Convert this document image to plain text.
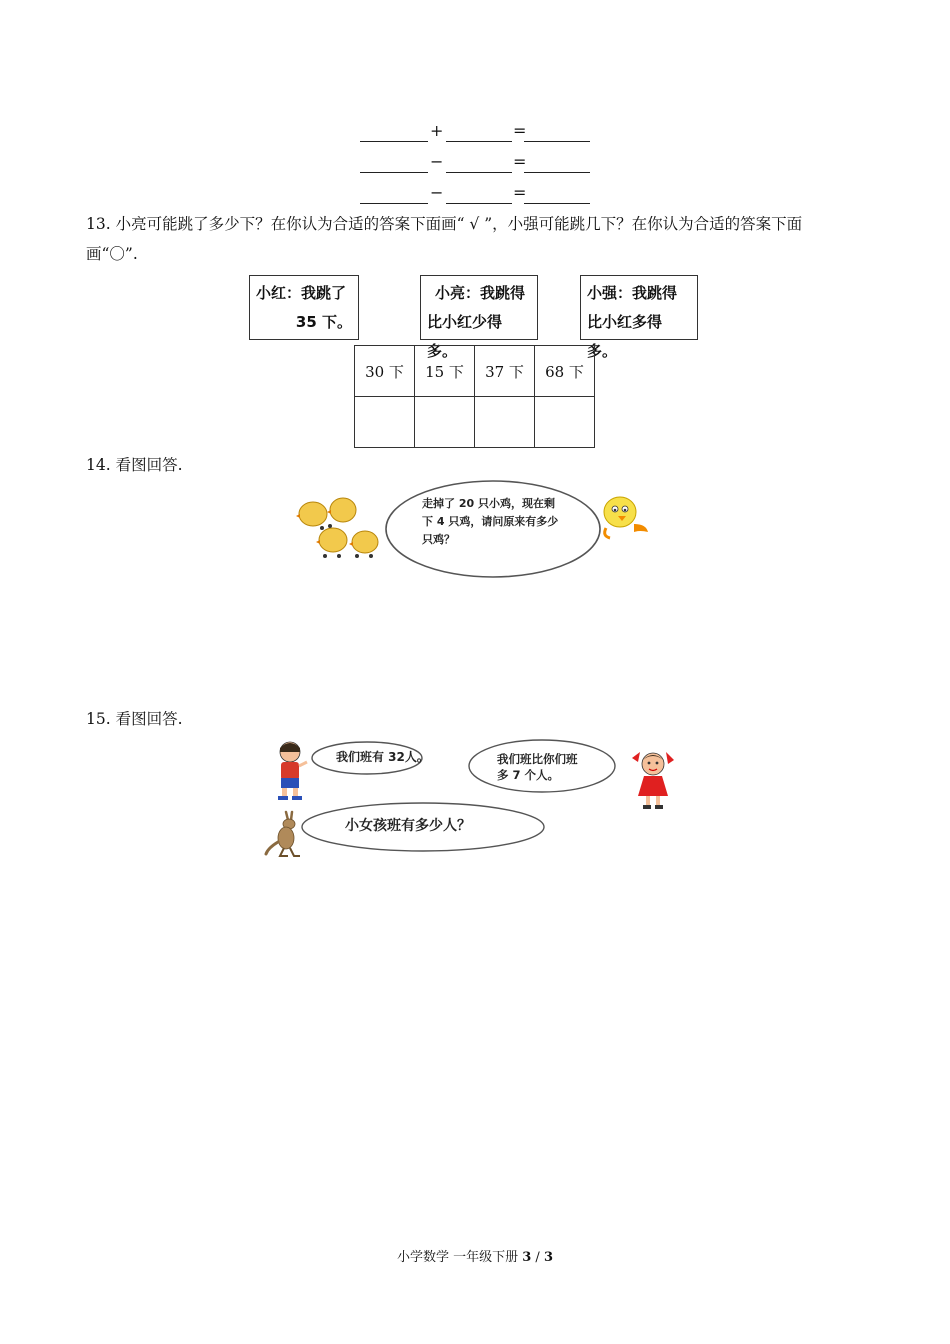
+	=
−	=
−	=
13. 小亮可能跳了多少下？在你认为合适的答案下面画“ √ ”，小强可能跳几下？在你认为合适的答案下面
画“〇”.
小红：我跳了
35 下。
小亮：我跳得
比小红少得多。
小强：我跳得
比小红多得多。
30 下	15 下	37 下	68 下

14. 看图回答.
走掉了 20 只小鸡，现在剩
下 4 只鸡，请问原来有多少
只鸡？
15. 看图回答.
我们班有 32人。	我们班比你们班
多 7 个人。
小女孩班有多少人？
小学数学 一年级下册 3 / 3
